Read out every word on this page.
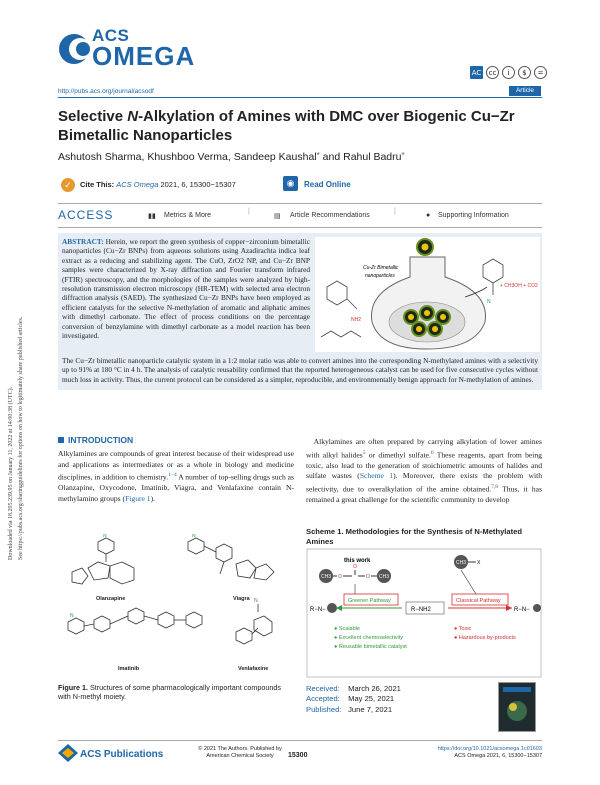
ACS
OMEGA
AC	cc	i	$	=
http://pubs.acs.org/journal/acsodf	Article
Selective N-Alkylation of Amines with DMC over Biogenic Cu−Zr Bimetallic Nanoparticles
Ashutosh Sharma, Khushboo Verma, Sandeep Kaushal* and Rahul Badru*
✓	Cite This: ACS Omega 2021, 6, 15300−15307	◉	Read Online
ACCESS	▮▮ Metrics & More
|
▤ Article Recommendations
|
● Supporting Information
ABSTRACT: Herein, we report the green synthesis of copper−zirconium bimetallic nanoparticles (Cu−Zr BNPs) from aqueous solutions using Azadirachta indica leaf extract as a reducing and stabilizing agent. The CuO, ZrO2 NP, and Cu−Zr BNP samples were characterized by X-ray diffraction and Fourier transform infrared (FTIR) spectroscopy, and the morphologies of the samples were analyzed by high-resolution transmission electron microscopy (HR-TEM) with selected area electron diffraction analysis (SAED). The synthesized Cu−Zr BNPs have been employed as efficient catalysts for the selective N-methylation of aromatic and aliphatic amines with dimethyl carbonate. The effect of process conditions on the percentage conversion of benzylamine with dimethyl carbonate as a model reaction has been investigated.
The Cu−Zr bimetallic nanoparticle catalytic system in a 1:2 molar ratio was able to convert amines into the corresponding N-methylated amines with a selectivity up to 91% at 180 °C in 4 h. The analysis of catalytic reusability confirmed that the reported heterogeneous catalyst can be used for five consecutive cycles without much loss in activity. Thus, the current protocol can be considered as a simpler, reproducible, and environmentally benign approach for N-methylation of amines.
Cu-Zr Bimetallic
nanoparticles
NH2
N
+ CH3OH + CO2
Downloaded via 18.205.239.95 on January 11, 2022 at 14:00:38 (UTC). See https://pubs.acs.org/sharingguidelines for options on how to legitimately share published articles.	INTRODUCTION
Alkylamines are compounds of great interest because of their widespread use and applications as intermediates or as a whole in biology and medicine disciplines, in addition to chemistry.$^{1-4}$ A number of top-selling drugs such as Olanzapine, Oxycodone, Imatinib, Viagra, and Venlafaxine contain N-methylamino groups (Figure 1).
 Alkylamines are often prepared by carrying alkylation of lower amines with alkyl halides$^5$ or dimethyl sulfate.$^6$ These reagents, apart from being toxic, also lead to the generation of stoichiometric amounts of halides and sulfate wastes (Scheme 1). Moreover, there exists the problem with selectivity, due to overalkylation of the amine obtained.$^{7,8}$ Thus, it has remained a great challenge for the scientific community to develop
N	N
N
N
Olanzapine	Viagra
Imatinib	Venlafaxine
Figure 1. Structures of some pharmacologically important compounds with N-methyl moiety.
Scheme 1. Methodologies for the Synthesis of N-Methylated Amines
this work
CH3	CH3
O	O
O
CH3 X
Greener Pathway	Classical Pathway
R−NH2
R−N−	R−N−
● Scalable
● Excellent chemoselectivity
● Reusable bimetallic catalyst
● Toxic
● Hazardous by-products
Received: March 26, 2021
Accepted: May 25, 2021
Published: June 7, 2021
ACS Publications	© 2021 The Authors. Published by
American Chemical Society	15300
https://doi.org/10.1021/acsomega.1c01603
ACS Omega 2021, 6, 15300−15307
